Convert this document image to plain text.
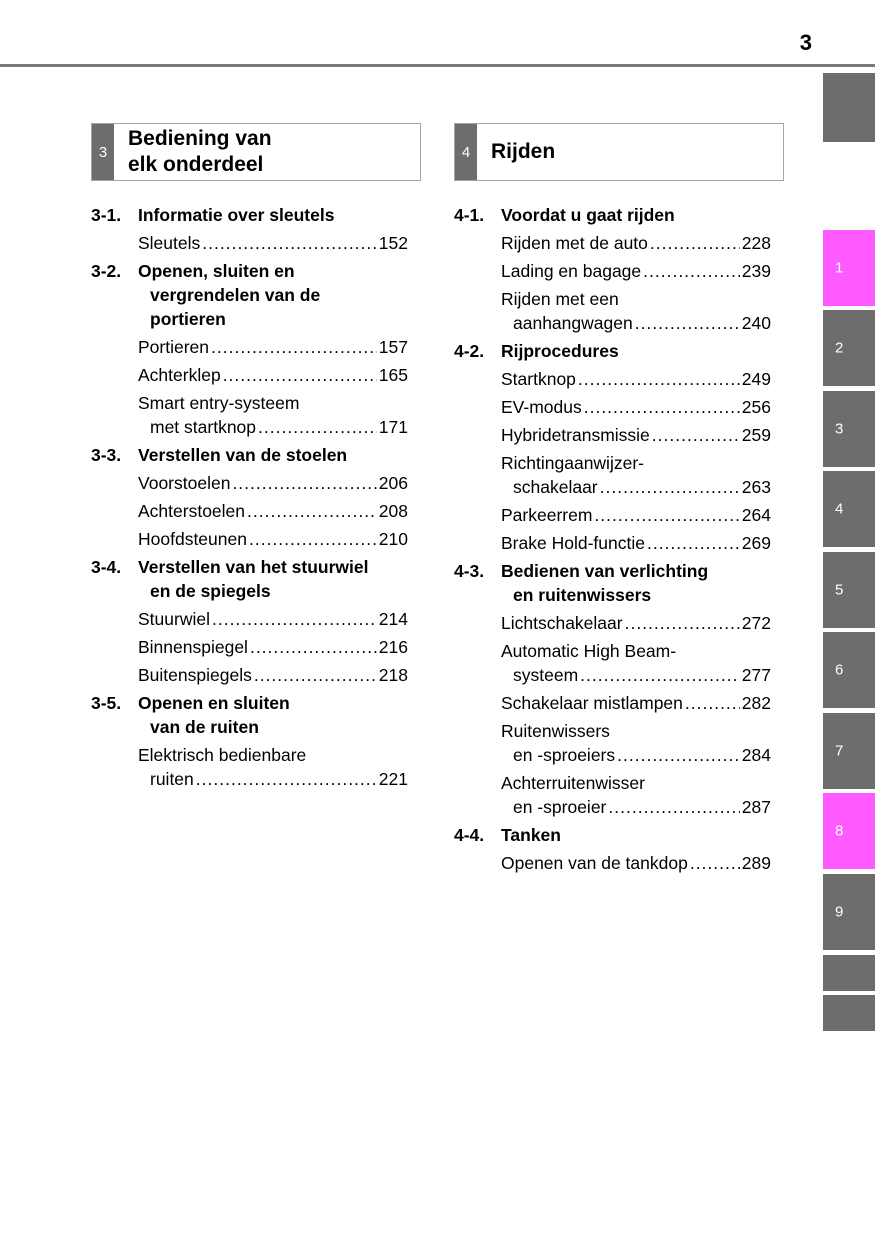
3
1
2
3
4
5
6
7
8
9
3
Bediening van
elk onderdeel
3-1. Informatie over sleutels
Sleutels .....	152
3-2. Openen, sluiten en
vergrendelen van de
portieren
Portieren .....	157
Achterklep .....	165
Smart entry-systeem
met startknop .....	171
3-3. Verstellen van de stoelen
Voorstoelen .....	206
Achterstoelen .....	208
Hoofdsteunen .....	210
3-4. Verstellen van het stuurwiel
en de spiegels
Stuurwiel .....	214
Binnenspiegel .....	216
Buitenspiegels .....	218
3-5. Openen en sluiten
van de ruiten
Elektrisch bedienbare
ruiten .....	221
4 Rijden
4-1. Voordat u gaat rijden
Rijden met de auto .....	228
Lading en bagage .....	239
Rijden met een
aanhangwagen .....	240
4-2. Rijprocedures
Startknop .....	249
EV-modus .....	256
Hybridetransmissie .....	259
Richtingaanwijzer-
schakelaar .....	263
Parkeerrem .....	264
Brake Hold-functie .....	269
4-3. Bedienen van verlichting
en ruitenwissers
Lichtschakelaar .....	272
Automatic High Beam-
systeem .....	277
Schakelaar mistlampen .....	282
Ruitenwissers
en -sproeiers .....	284
Achterruitenwisser
en -sproeier .....	287
4-4. Tanken
Openen van de tankdop .....	289
